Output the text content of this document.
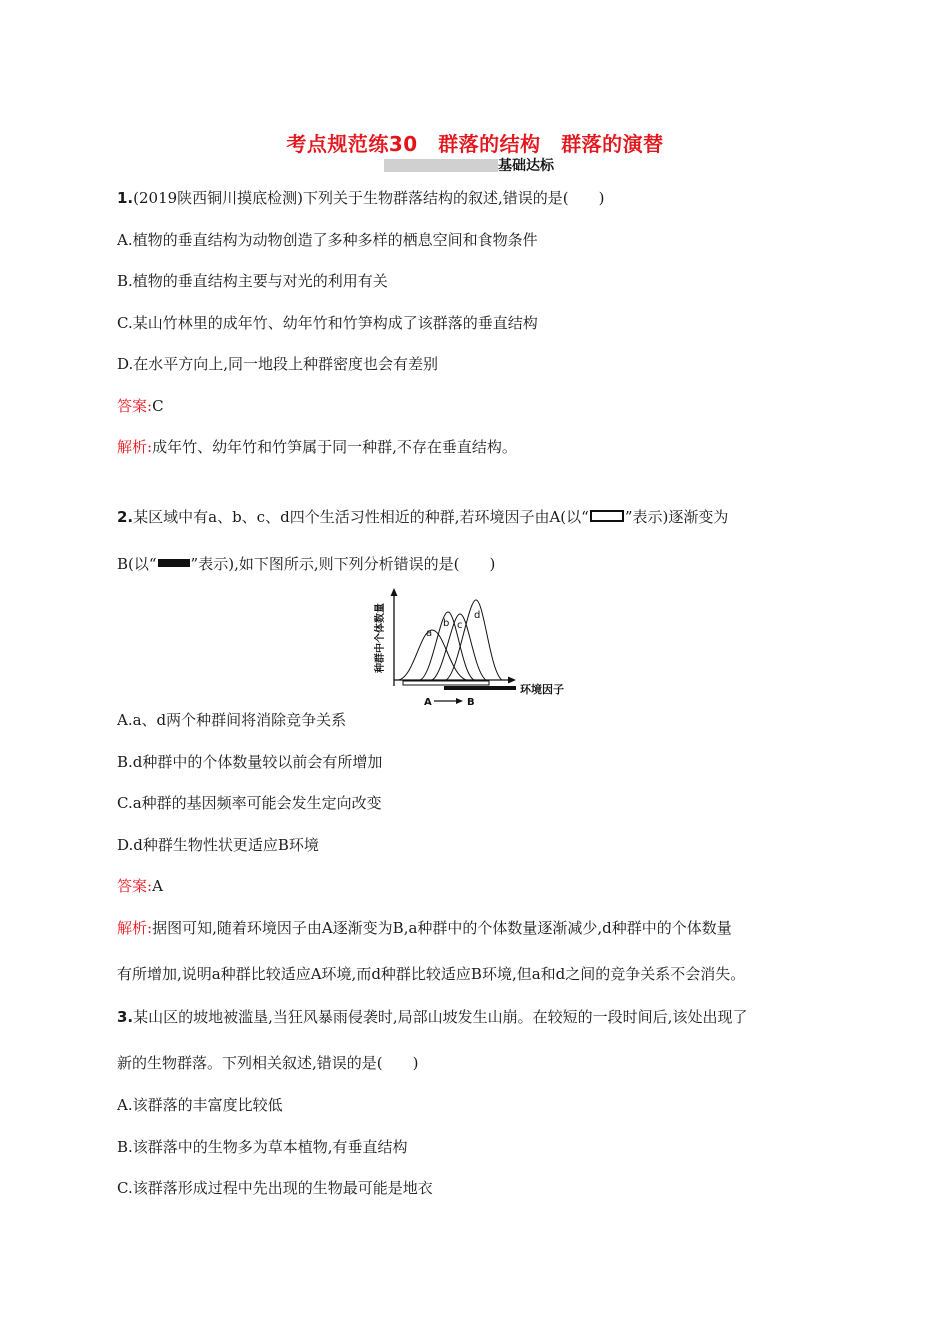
考点规范练30　群落的结构　群落的演替
基础达标
1.(2019陕西铜川摸底检测)下列关于生物群落结构的叙述,错误的是(　　)
A.植物的垂直结构为动物创造了多种多样的栖息空间和食物条件
B.植物的垂直结构主要与对光的利用有关
C.某山竹林里的成年竹、幼年竹和竹笋构成了该群落的垂直结构
D.在水平方向上,同一地段上种群密度也会有差别
答案:C
解析:成年竹、幼年竹和竹笋属于同一种群,不存在垂直结构。
2.某区域中有a、b、c、d四个生活习性相近的种群,若环境因子由A(以“ ”表示)逐渐变为
B(以“ ”表示),如下图所示,则下列分析错误的是(　　)
a
b c
d
种群中个体数量
环境因子
A	B
A.a、d两个种群间将消除竞争关系
B.d种群中的个体数量较以前会有所增加
C.a种群的基因频率可能会发生定向改变
D.d种群生物性状更适应B环境
答案:A
解析:据图可知,随着环境因子由A逐渐变为B,a种群中的个体数量逐渐减少,d种群中的个体数量
有所增加,说明a种群比较适应A环境,而d种群比较适应B环境,但a和d之间的竞争关系不会消失。
3.某山区的坡地被滥垦,当狂风暴雨侵袭时,局部山坡发生山崩。在较短的一段时间后,该处出现了
新的生物群落。下列相关叙述,错误的是(　　)
A.该群落的丰富度比较低
B.该群落中的生物多为草本植物,有垂直结构
C.该群落形成过程中先出现的生物最可能是地衣
